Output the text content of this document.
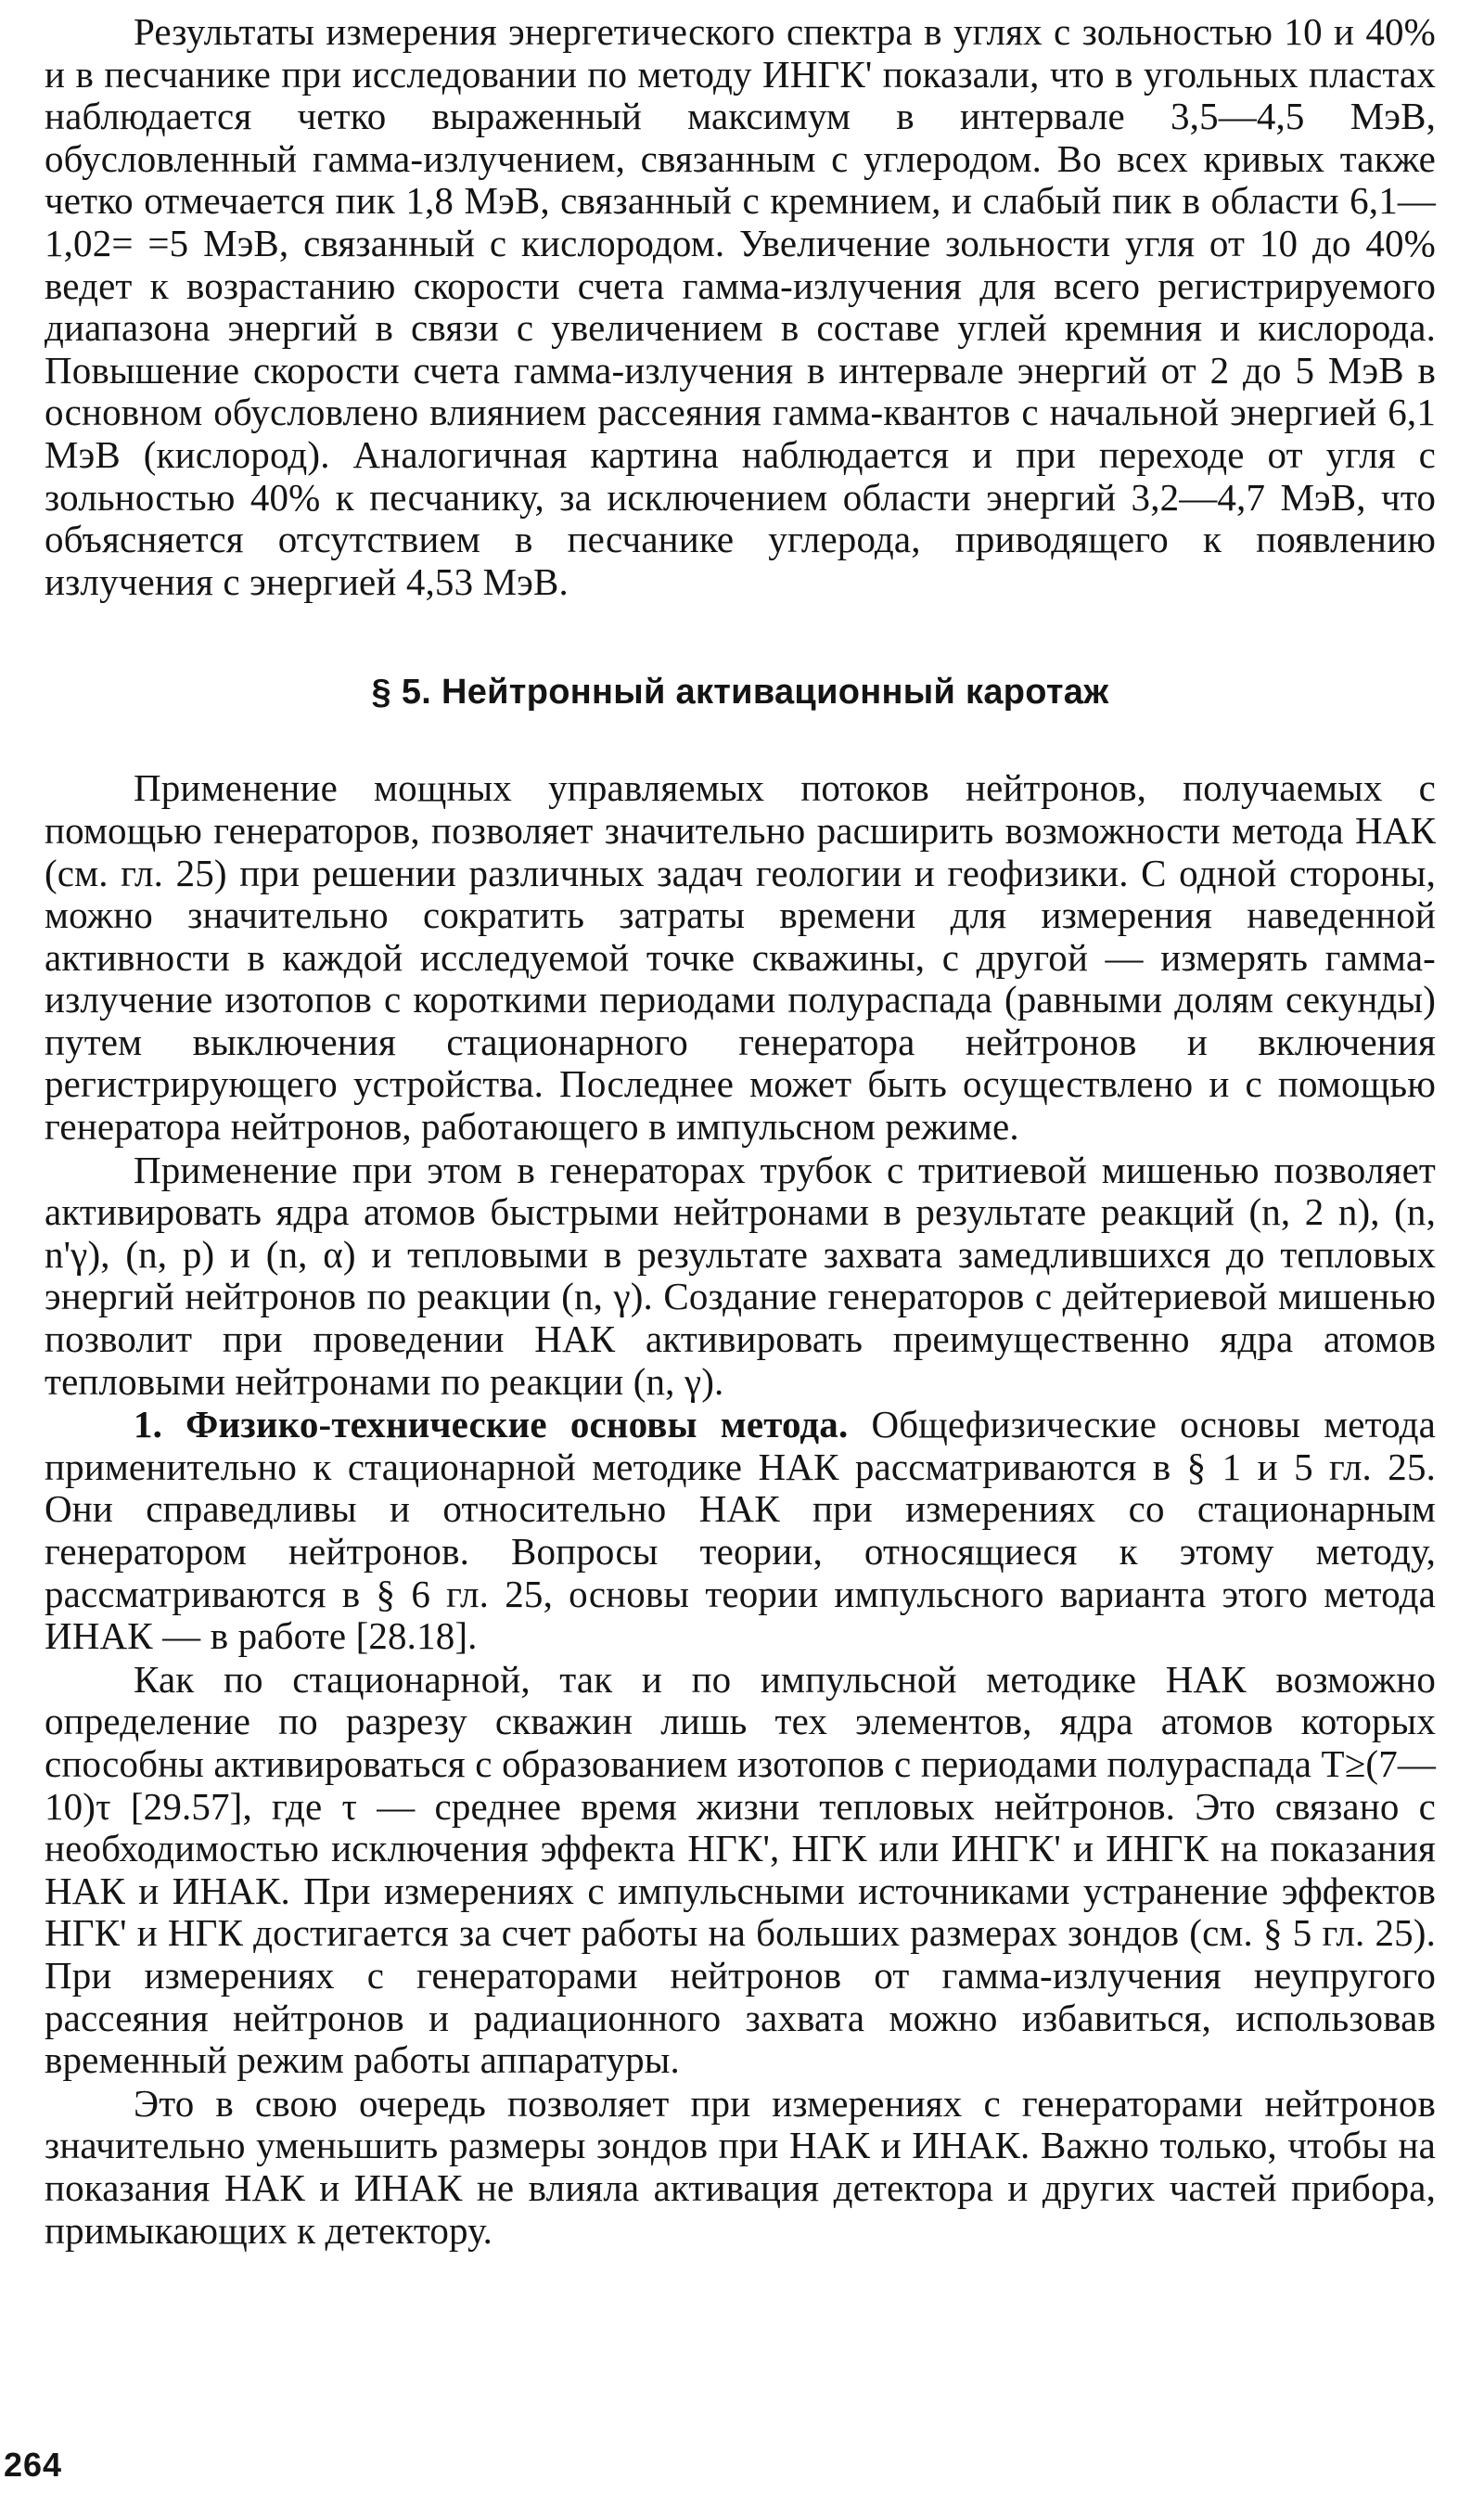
Результаты измерения энергетического спектра в углях с зольностью 10 и 40% и в песчанике при исследовании по методу ИНГК' показали, что в угольных пластах наблюдается четко выраженный максимум в интервале 3,5—4,5 МэВ, обусловленный гамма-излучением, связанным с углеродом. Во всех кривых также четко отмечается пик 1,8 МэВ, связанный с кремнием, и слабый пик в области 6,1—1,02= =5 МэВ, связанный с кислородом. Увеличение зольности угля от 10 до 40% ведет к возрастанию скорости счета гамма-излучения для всего регистрируемого диапазона энергий в связи с увеличением в составе углей кремния и кислорода. Повышение скорости счета гамма-излучения в интервале энергий от 2 до 5 МэВ в основном обусловлено влиянием рассеяния гамма-квантов с начальной энергией 6,1 МэВ (кислород). Аналогичная картина наблюдается и при переходе от угля с зольностью 40% к песчанику, за исключением области энергий 3,2—4,7 МэВ, что объясняется отсутствием в песчанике углерода, приводящего к появлению излучения с энергией 4,53 МэВ.

§ 5. Нейтронный активационный каротаж

Применение мощных управляемых потоков нейтронов, получаемых с помощью генераторов, позволяет значительно расширить возможности метода НАК (см. гл. 25) при решении различных задач геологии и геофизики. С одной стороны, можно значительно сократить затраты времени для измерения наведенной активности в каждой исследуемой точке скважины, с другой — измерять гамма-излучение изотопов с короткими периодами полураспада (равными долям секунды) путем выключения стационарного генератора нейтронов и включения регистрирующего устройства. Последнее может быть осуществлено и с помощью генератора нейтронов, работающего в импульсном режиме.

Применение при этом в генераторах трубок с тритиевой мишенью позволяет активировать ядра атомов быстрыми нейтронами в результате реакций (n, 2 n), (n, n'γ), (n, p) и (n, α) и тепловыми в результате захвата замедлившихся до тепловых энергий нейтронов по реакции (n, γ). Создание генераторов с дейтериевой мишенью позволит при проведении НАК активировать преимущественно ядра атомов тепловыми нейтронами по реакции (n, γ).

1. Физико-технические основы метода. Общефизические основы метода применительно к стационарной методике НАК рассматриваются в § 1 и 5 гл. 25. Они справедливы и относительно НАК при измерениях со стационарным генератором нейтронов. Вопросы теории, относящиеся к этому методу, рассматриваются в § 6 гл. 25, основы теории импульсного варианта этого метода ИНАК — в работе [28.18].

Как по стационарной, так и по импульсной методике НАК возможно определение по разрезу скважин лишь тех элементов, ядра атомов которых способны активироваться с образованием изотопов с периодами полураспада T≥(7—10)τ [29.57], где τ — среднее время жизни тепловых нейтронов. Это связано с необходимостью исключения эффекта НГК', НГК или ИНГК' и ИНГК на показания НАК и ИНАК. При измерениях с импульсными источниками устранение эффектов НГК' и НГК достигается за счет работы на больших размерах зондов (см. § 5 гл. 25). При измерениях с генераторами нейтронов от гамма-излучения неупругого рассеяния нейтронов и радиационного захвата можно избавиться, использовав временный режим работы аппаратуры.

Это в свою очередь позволяет при измерениях с генераторами нейтронов значительно уменьшить размеры зондов при НАК и ИНАК. Важно только, чтобы на показания НАК и ИНАК не влияла активация детектора и других частей прибора, примыкающих к детектору.

264
